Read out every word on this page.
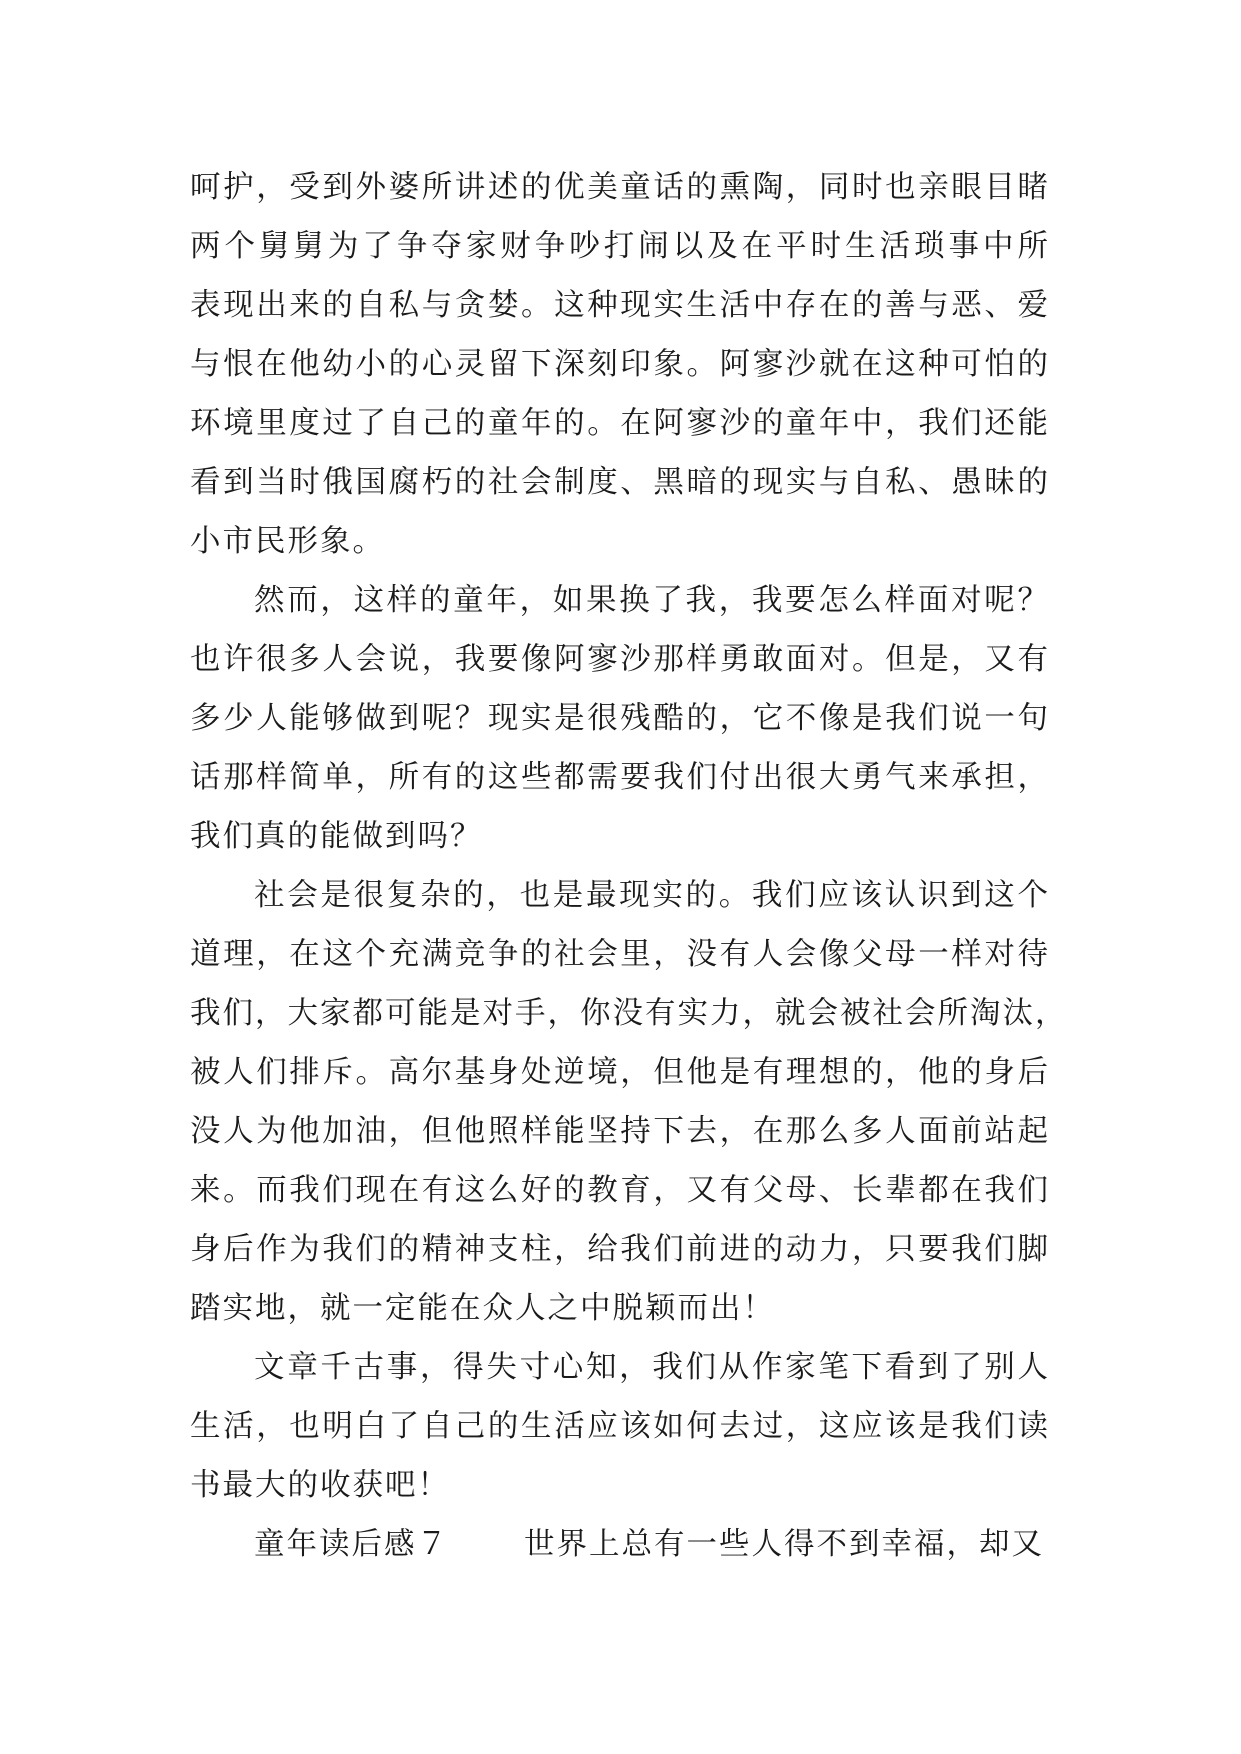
呵护，受到外婆所讲述的优美童话的熏陶，同时也亲眼目睹
两个舅舅为了争夺家财争吵打闹以及在平时生活琐事中所
表现出来的自私与贪婪。这种现实生活中存在的善与恶、爱
与恨在他幼小的心灵留下深刻印象。阿寥沙就在这种可怕的
环境里度过了自己的童年的。在阿寥沙的童年中，我们还能
看到当时俄国腐朽的社会制度、黑暗的现实与自私、愚昧的
小市民形象。
然而，这样的童年，如果换了我，我要怎么样面对呢？
也许很多人会说，我要像阿寥沙那样勇敢面对。但是，又有
多少人能够做到呢？现实是很残酷的，它不像是我们说一句
话那样简单，所有的这些都需要我们付出很大勇气来承担，
我们真的能做到吗？
社会是很复杂的，也是最现实的。我们应该认识到这个
道理，在这个充满竞争的社会里，没有人会像父母一样对待
我们，大家都可能是对手，你没有实力，就会被社会所淘汰，
被人们排斥。高尔基身处逆境，但他是有理想的，他的身后
没人为他加油，但他照样能坚持下去，在那么多人面前站起
来。而我们现在有这么好的教育，又有父母、长辈都在我们
身后作为我们的精神支柱，给我们前进的动力，只要我们脚
踏实地，就一定能在众人之中脱颖而出！
文章千古事，得失寸心知，我们从作家笔下看到了别人
生活，也明白了自己的生活应该如何去过，这应该是我们读
书最大的收获吧！
童年读后感７ 世界上总有一些人得不到幸福，却又
